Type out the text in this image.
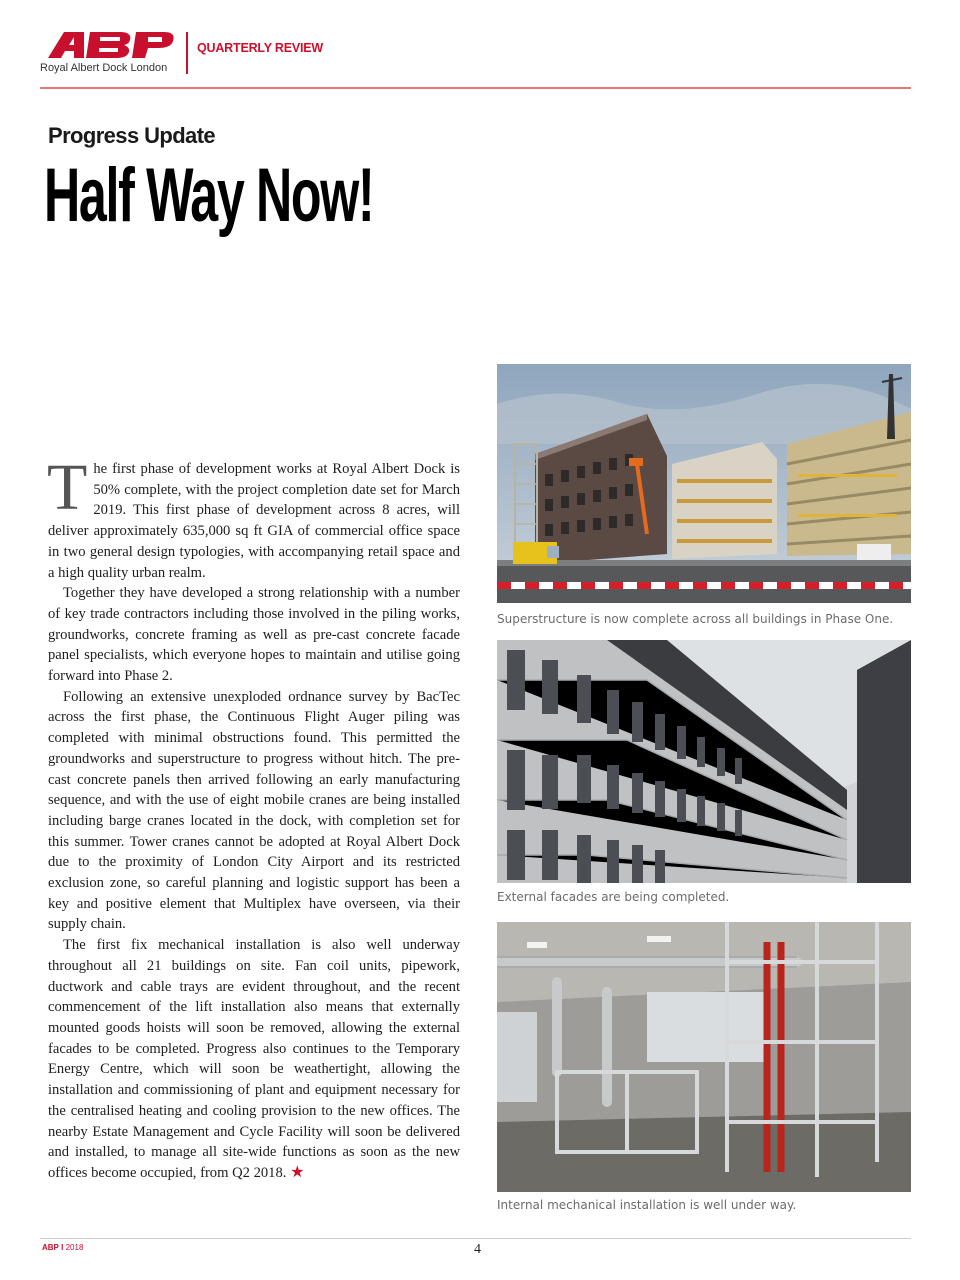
Royal Albert Dock London
QUARTERLY REVIEW
Progress Update
Half Way Now!

The first phase of development works at Royal Albert Dock is 50% complete, with the project completion date set for March 2019. This first phase of development across 8 acres, will deliver approximately 635,000 sq ft GIA of commercial office space in two general design typologies, with accompanying retail space and a high quality urban realm.

Together they have developed a strong relationship with a number of key trade contractors including those involved in the piling works, groundworks, concrete framing as well as pre-cast concrete facade panel specialists, which everyone hopes to maintain and utilise going forward into Phase 2.

Following an extensive unexploded ordnance survey by BacTec across the first phase, the Continuous Flight Auger piling was completed with minimal obstructions found. This permitted the groundworks and superstructure to progress without hitch. The pre-cast concrete panels then arrived following an early manufacturing sequence, and with the use of eight mobile cranes are being installed including barge cranes located in the dock, with completion set for this summer. Tower cranes cannot be adopted at Royal Albert Dock due to the proximity of London City Airport and its restricted exclusion zone, so careful planning and logistic support has been a key and positive element that Multiplex have overseen, via their supply chain.

The first fix mechanical installation is also well underway throughout all 21 buildings on site. Fan coil units, pipework, ductwork and cable trays are evident throughout, and the recent commencement of the lift installation also means that externally mounted goods hoists will soon be removed, allowing the external facades to be completed. Progress also continues to the Temporary Energy Centre, which will soon be weathertight, allowing the installation and commissioning of plant and equipment necessary for the centralised heating and cooling provision to the new offices. The nearby Estate Management and Cycle Facility will soon be delivered and installed, to manage all site-wide functions as soon as the new offices become occupied, from Q2 2018. ★

Superstructure is now complete across all buildings in Phase One.
External facades are being completed.
Internal mechanical installation is well under way.
ABP I 2018	4
